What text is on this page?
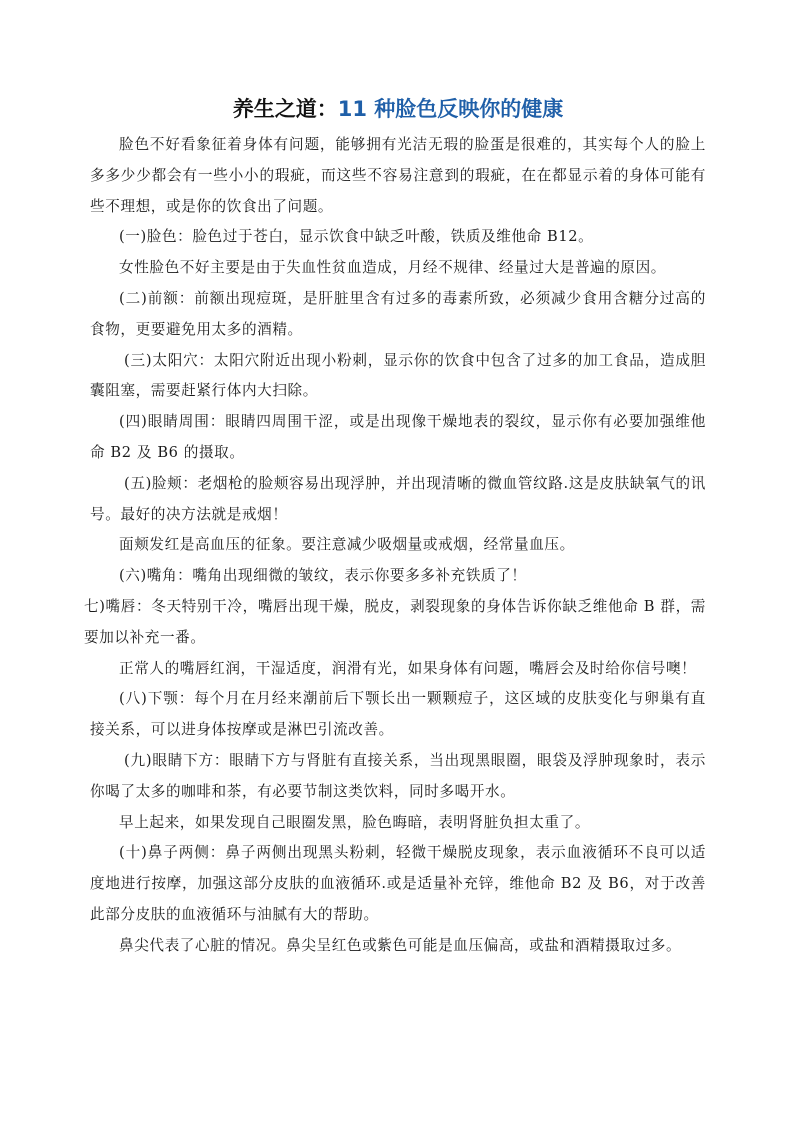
养生之道：11 种脸色反映你的健康

脸色不好看象征着身体有问题，能够拥有光洁无瑕的脸蛋是很难的，其实每个人的脸上多多少少都会有一些小小的瑕疵，而这些不容易注意到的瑕疵，在在都显示着的身体可能有些不理想，或是你的饮食出了问题。

(一)脸色：脸色过于苍白，显示饮食中缺乏叶酸，铁质及维他命 B12。

女性脸色不好主要是由于失血性贫血造成，月经不规律、经量过大是普遍的原因。

(二)前额：前额出现痘斑，是肝脏里含有过多的毒素所致，必须减少食用含糖分过高的食物，更要避免用太多的酒精。

(三)太阳穴：太阳穴附近出现小粉刺，显示你的饮食中包含了过多的加工食品，造成胆囊阻塞，需要赶紧行体内大扫除。

(四)眼睛周围：眼睛四周围干涩，或是出现像干燥地表的裂纹，显示你有必要加强维他命 B2 及 B6 的摄取。

(五)脸颊：老烟枪的脸颊容易出现浮肿，并出现清晰的微血管纹路.这是皮肤缺氧气的讯号。最好的决方法就是戒烟！

面颊发红是高血压的征象。要注意减少吸烟量或戒烟，经常量血压。

(六)嘴角：嘴角出现细微的皱纹，表示你要多多补充铁质了！

七)嘴唇：冬天特别干冷，嘴唇出现干燥，脱皮，剥裂现象的身体告诉你缺乏维他命 B 群，需要加以补充一番。

正常人的嘴唇红润，干湿适度，润滑有光，如果身体有问题，嘴唇会及时给你信号噢！

(八)下颚：每个月在月经来潮前后下颚长出一颗颗痘子，这区域的皮肤变化与卵巢有直接关系，可以进身体按摩或是淋巴引流改善。

(九)眼睛下方：眼睛下方与肾脏有直接关系，当出现黑眼圈，眼袋及浮肿现象时，表示你喝了太多的咖啡和茶，有必要节制这类饮料，同时多喝开水。

早上起来，如果发现自己眼圈发黑，脸色晦暗，表明肾脏负担太重了。

(十)鼻子两侧：鼻子两侧出现黑头粉刺，轻微干燥脱皮现象，表示血液循环不良可以适度地进行按摩，加强这部分皮肤的血液循环.或是适量补充锌，维他命 B2 及 B6，对于改善此部分皮肤的血液循环与油腻有大的帮助。

鼻尖代表了心脏的情况。鼻尖呈红色或紫色可能是血压偏高，或盐和酒精摄取过多。
